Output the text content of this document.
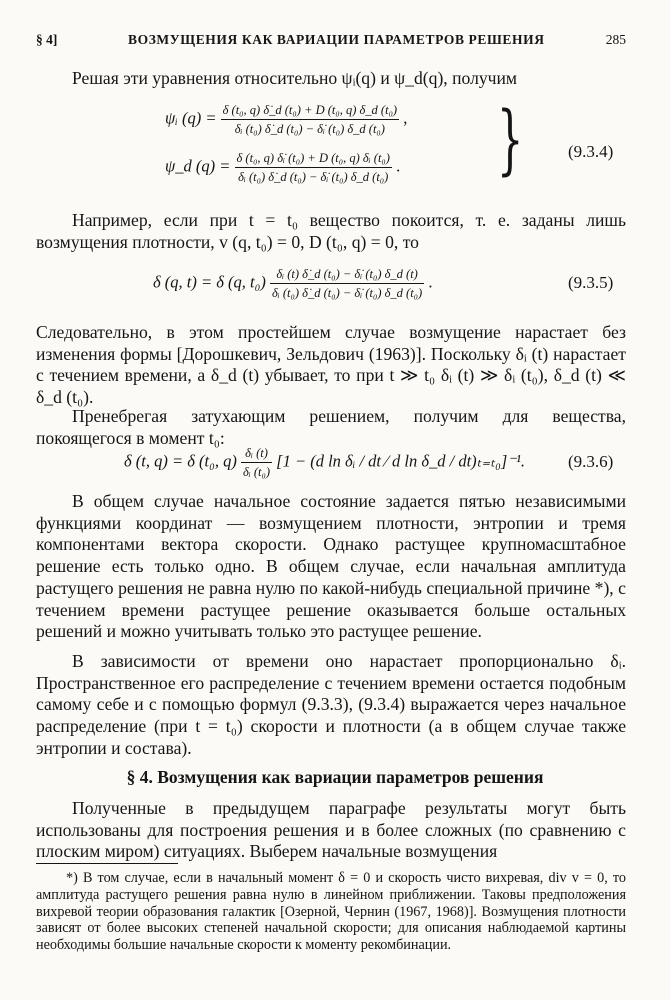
§ 4]	ВОЗМУЩЕНИЯ КАК ВАРИАЦИИ ПАРАМЕТРОВ РЕШЕНИЯ	285
Решая эти уравнения относительно ψᵢ(q) и ψ_d(q), получим
ψᵢ $(q) = \frac{\text{δ (t₀, q) δ̇\_d (t₀) + D (t₀, q) δ\_d (t₀)}}{\text{δᵢ (t₀) δ̇\_d (t₀) − δ̇ᵢ (t₀) δ\_d (t₀)}}$ ,
ψ_d $(q) = \frac{\text{δ (t₀, q) δ̇ᵢ (t₀) + D (t₀, q) δᵢ (t₀)}}{\text{δᵢ (t₀) δ̇\_d (t₀) − δ̇ᵢ (t₀) δ\_d (t₀)}}$ . }	(9.3.4)
Например, если при t = t₀ вещество покоится, т. е. заданы лишь возмущения плотности, v (q, t₀) = 0, D (t₀, q) = 0, то
δ (q, t) = δ (q, $t_0) \frac{\text{δᵢ (t) δ̇\_d (t₀) − δ̇ᵢ (t₀) δ\_d (t)}}{\text{δᵢ (t₀) δ̇\_d (t₀) − δ̇ᵢ (t₀) δ\_d (t₀)}}$ .	(9.3.5)
Следовательно, в этом простейшем случае возмущение нарастает без изменения формы [Дорошкевич, Зельдович (1963)]. Поскольку δᵢ (t) нарастает с течением времени, а δ_d (t) убывает, то при t ≫ t₀ δᵢ (t) ≫ δᵢ (t₀), δ_d (t) ≪ δ_d (t₀).
Пренебрегая затухающим решением, получим для вещества, покоящегося в момент t₀:
δ (t, q) = δ (t₀, $q) \frac{\text{δᵢ (t)}}{\text{δᵢ (t₀)}} [1 - (d$ ln δᵢ / dt ⁄ d ln δ_d / dt)ₜ₌ₜ₀]⁻¹.	(9.3.6)
В общем случае начальное состояние задается пятью независимыми функциями координат — возмущением плотности, энтропии и тремя компонентами вектора скорости. Однако растущее крупномасштабное решение есть только одно. В общем случае, если начальная амплитуда растущего решения не равна нулю по какой-нибудь специальной причине *), с течением времени растущее решение оказывается больше остальных решений и можно учитывать только это растущее решение.
В зависимости от времени оно нарастает пропорционально δᵢ. Пространственное его распределение с течением времени остается подобным самому себе и с помощью формул (9.3.3), (9.3.4) выражается через начальное распределение (при t = t₀) скорости и плотности (а в общем случае также энтропии и состава).
§ 4. Возмущения как вариации параметров решения
Полученные в предыдущем параграфе результаты могут быть использованы для построения решения и в более сложных (по сравнению с плоским миром) ситуациях. Выберем начальные возмущения
*) В том случае, если в начальный момент δ = 0 и скорость чисто вихревая, div v = 0, то амплитуда растущего решения равна нулю в линейном приближении. Таковы предположения вихревой теории образования галактик [Озерной, Чернин (1967, 1968)]. Возмущения плотности зависят от более высоких степеней начальной скорости; для описания наблюдаемой картины необходимы большие начальные скорости к моменту рекомбинации.
